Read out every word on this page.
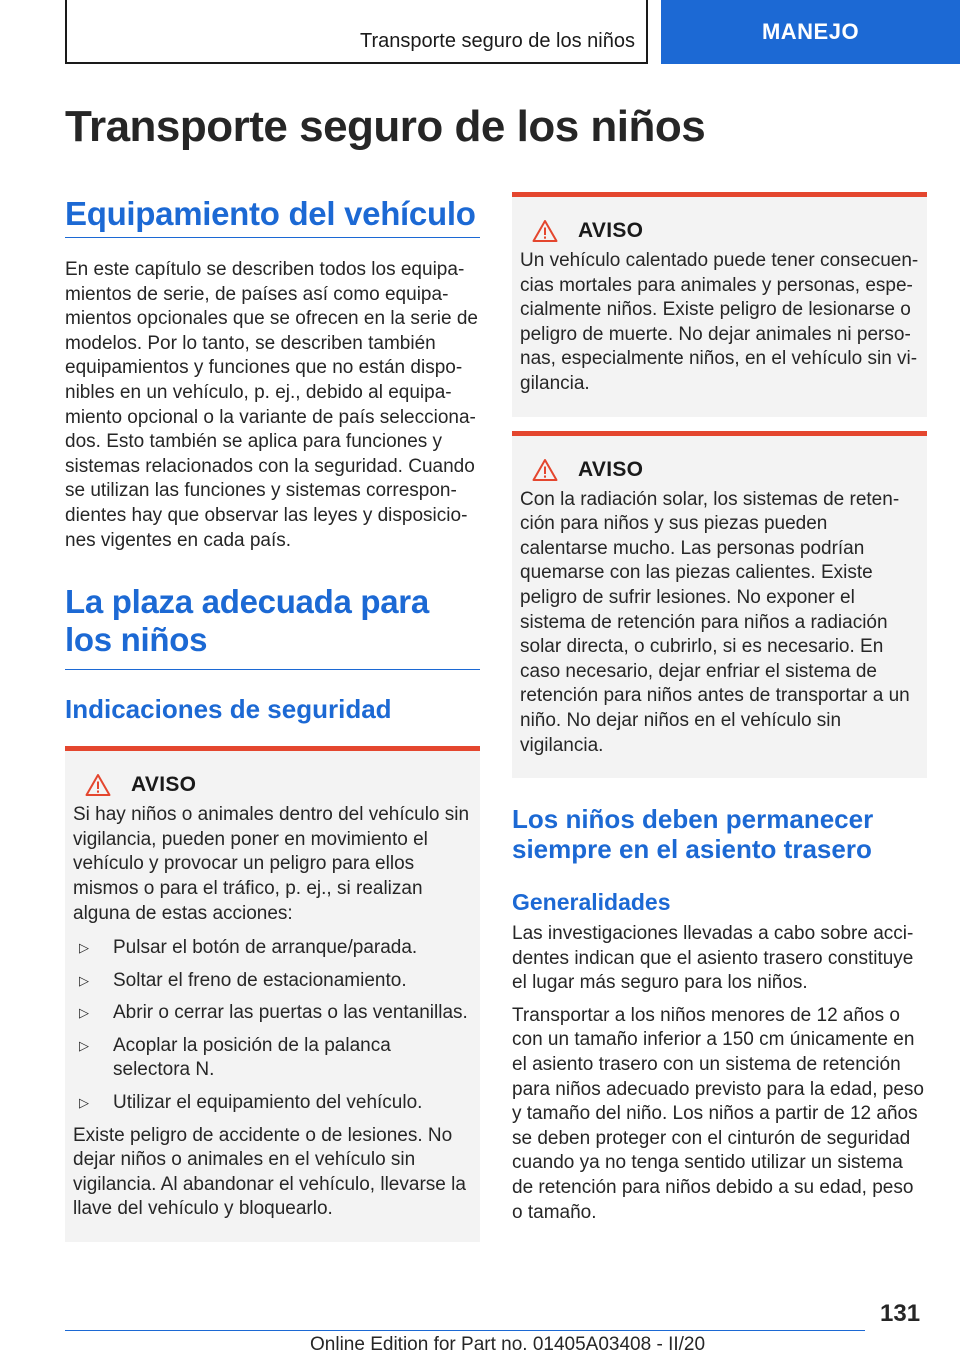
Transporte seguro de los niños	MANEJO
Transporte seguro de los niños
Equipamiento del vehículo

En este capítulo se describen todos los equipamientos de serie, de países así como equipamientos opcionales que se ofrecen en la serie de modelos. Por lo tanto, se describen también equipamientos y funciones que no están disponibles en un vehículo, p. ej., debido al equipamiento opcional o la variante de país seleccionados. Esto también se aplica para funciones y sistemas relacionados con la seguridad. Cuando se utilizan las funciones y sistemas correspondientes hay que observar las leyes y disposiciones vigentes en cada país.

La plaza adecuada para los niños
Indicaciones de seguridad
AVISO

Si hay niños o animales dentro del vehículo sin vigilancia, pueden poner en movimiento el vehículo y provocar un peligro para ellos mismos o para el tráfico, p. ej., si realizan alguna de estas acciones:

▷	Pulsar el botón de arranque/parada.
▷	Soltar el freno de estacionamiento.
▷	Abrir o cerrar las puertas o las ventanillas.
▷	Acoplar la posición de la palanca selectora N.
▷	Utilizar el equipamiento del vehículo.

Existe peligro de accidente o de lesiones. No dejar niños o animales en el vehículo sin vigilancia. Al abandonar el vehículo, llevarse la llave del vehículo y bloquearlo.

AVISO

Un vehículo calentado puede tener consecuencias mortales para animales y personas, especialmente niños. Existe peligro de lesionarse o peligro de muerte. No dejar animales ni personas, especialmente niños, en el vehículo sin vigilancia.

AVISO

Con la radiación solar, los sistemas de retención para niños y sus piezas pueden calentarse mucho. Las personas podrían quemarse con las piezas calientes. Existe peligro de sufrir lesiones. No exponer el sistema de retención para niños a radiación solar directa, o cubrirlo, si es necesario. En caso necesario, dejar enfriar el sistema de retención para niños antes de transportar a un niño. No dejar niños en el vehículo sin vigilancia.

Los niños deben permanecer siempre en el asiento trasero
Generalidades

Las investigaciones llevadas a cabo sobre accidentes indican que el asiento trasero constituye el lugar más seguro para los niños.

Transportar a los niños menores de 12 años o con un tamaño inferior a 150 cm únicamente en el asiento trasero con un sistema de retención para niños adecuado previsto para la edad, peso y tamaño del niño. Los niños a partir de 12 años se deben proteger con el cinturón de seguridad cuando ya no tenga sentido utilizar un sistema de retención para niños debido a su edad, peso o tamaño.

131
Online Edition for Part no. 01405A03408 - II/20
